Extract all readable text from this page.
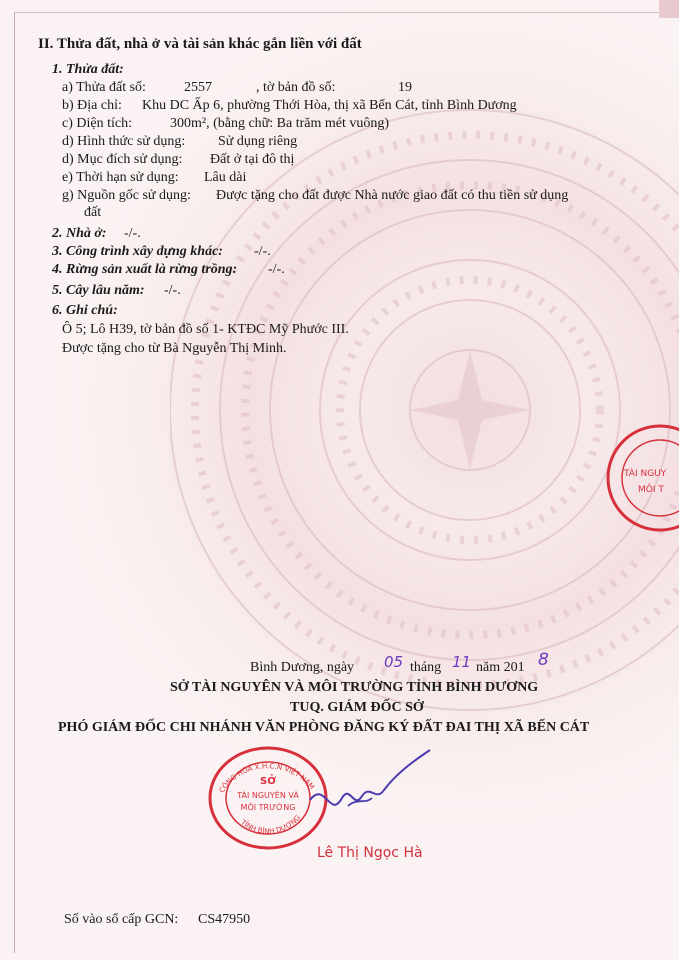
II. Thửa đất, nhà ở và tài sản khác gắn liền với đất
1. Thửa đất:
a) Thửa đất số:	2557	, tờ bản đồ số:	19
b) Địa chỉ: Khu DC Ấp 6, phường Thới Hòa, thị xã Bến Cát, tỉnh Bình Dương
c) Diện tích:	300m², (bằng chữ: Ba trăm mét vuông)
d) Hình thức sử dụng: Sử dụng riêng
d) Mục đích sử dụng: Đất ở tại đô thị
e) Thời hạn sử dụng: Lâu dài
g) Nguồn gốc sử dụng: Được tặng cho đất được Nhà nước giao đất có thu tiền sử dụng
đất
2. Nhà ở: -/-.
3. Công trình xây dựng khác: -/-.
4. Rừng sản xuất là rừng trồng: -/-.
5. Cây lâu năm: -/-.
6. Ghi chú:
Ô 5; Lô H39, tờ bản đồ số 1- KTĐC Mỹ Phước III.
Được tặng cho từ Bà Nguyễn Thị Minh.
TÀI NGUY
MÔI T
Bình Dương, ngày 05 tháng 11 năm 201 8
SỞ TÀI NGUYÊN VÀ MÔI TRƯỜNG TỈNH BÌNH DƯƠNG
TUQ. GIÁM ĐỐC SỞ
PHÓ GIÁM ĐỐC CHI NHÁNH VĂN PHÒNG ĐĂNG KÝ ĐẤT ĐAI THỊ XÃ BẾN CÁT
CỘNG HÒA X.H.C.N VIỆT NAM
TỈNH BÌNH DƯƠNG
SỞ
TÀI NGUYÊN VÀ
MÔI TRƯỜNG
Lê Thị Ngọc Hà
Số vào sổ cấp GCN: CS47950
